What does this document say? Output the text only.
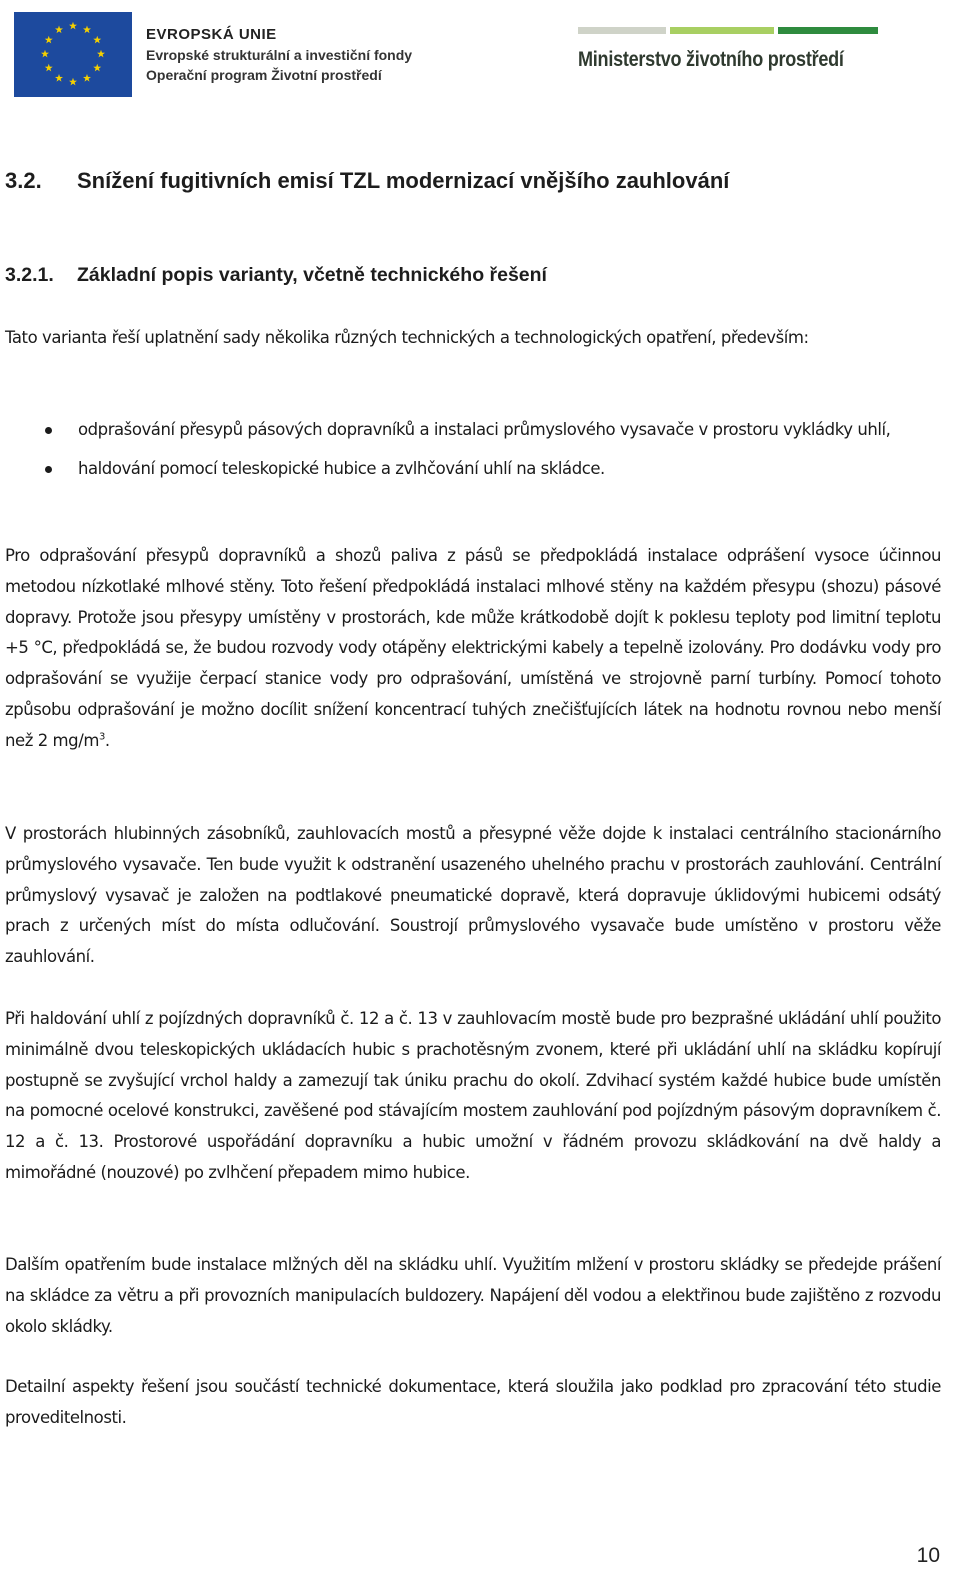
EVROPSKÁ UNIE
Evropské strukturální a investiční fondy
Operační program Životní prostředí
Ministerstvo životního prostředí
3.2. Snížení fugitivních emisí TZL modernizací vnějšího zauhlování
3.2.1. Základní popis varianty, včetně technického řešení
Tato varianta řeší uplatnění sady několika různých technických a technologických opatření, především:
odprašování přesypů pásových dopravníků a instalaci průmyslového vysavače v prostoru vykládky uhlí,
haldování pomocí teleskopické hubice a zvlhčování uhlí na skládce.
Pro odprašování přesypů dopravníků a shozů paliva z pásů se předpokládá instalace odprášení vysoce účinnou metodou nízkotlaké mlhové stěny. Toto řešení předpokládá instalaci mlhové stěny na každém přesypu (shozu) pásové dopravy. Protože jsou přesypy umístěny v prostorách, kde může krátkodobě dojít k poklesu teploty pod limitní teplotu +5 °C, předpokládá se, že budou rozvody vody otápěny elektrickými kabely a tepelně izolovány. Pro dodávku vody pro odprašování se využije čerpací stanice vody pro odprašování, umístěná ve strojovně parní turbíny. Pomocí tohoto způsobu odprašování je možno docílit snížení koncentrací tuhých znečišťujících látek na hodnotu rovnou nebo menší než 2 $mg/m^3$.
V prostorách hlubinných zásobníků, zauhlovacích mostů a přesypné věže dojde k instalaci centrálního stacionárního průmyslového vysavače. Ten bude využit k odstranění usazeného uhelného prachu v prostorách zauhlování. Centrální průmyslový vysavač je založen na podtlakové pneumatické dopravě, která dopravuje úklidovými hubicemi odsátý prach z určených míst do místa odlučování. Soustrojí průmyslového vysavače bude umístěno v prostoru věže zauhlování.
Při haldování uhlí z pojízdných dopravníků č. 12 a č. 13 v zauhlovacím mostě bude pro bezprašné ukládání uhlí použito minimálně dvou teleskopických ukládacích hubic s prachotěsným zvonem, které při ukládání uhlí na skládku kopírují postupně se zvyšující vrchol haldy a zamezují tak úniku prachu do okolí. Zdvihací systém každé hubice bude umístěn na pomocné ocelové konstrukci, zavěšené pod stávajícím mostem zauhlování pod pojízdným pásovým dopravníkem č. 12 a č. 13. Prostorové uspořádání dopravníku a hubic umožní v řádném provozu skládkování na dvě haldy a mimořádné (nouzové) po zvlhčení přepadem mimo hubice.
Dalším opatřením bude instalace mlžných děl na skládku uhlí. Využitím mlžení v prostoru skládky se předejde prášení na skládce za větru a při provozních manipulacích buldozery. Napájení děl vodou a elektřinou bude zajištěno z rozvodu okolo skládky.
Detailní aspekty řešení jsou součástí technické dokumentace, která sloužila jako podklad pro zpracování této studie proveditelnosti.
10
